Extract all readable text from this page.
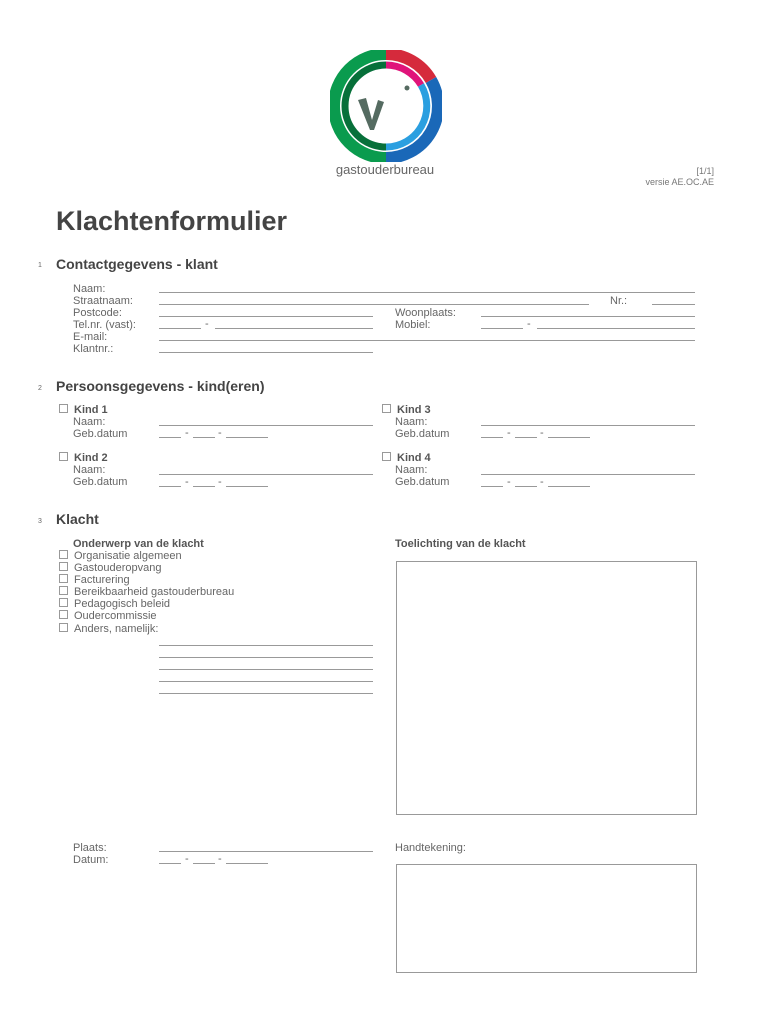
gastouderbureau	[1/1]
versie AE.OC.AE
Klachtenformulier
1 Contactgegevens - klant
Naam:
Straatnaam:	Nr.:
Postcode:	Woonplaats:
Tel.nr. (vast):	-	Mobiel:	-
E-mail:
Klantnr.:
2 Persoonsgegevens - kind(eren)
Kind 1
Naam:
Geb.datum	-	-
Kind 2
Naam:
Geb.datum	-	-
Kind 3
Naam:
Geb.datum	-	-
Kind 4
Naam:
Geb.datum	-	-
3 Klacht
Onderwerp van de klacht	Toelichting van de klacht
Organisatie algemeen
Gastouderopvang
Facturering
Bereikbaarheid gastouderbureau
Pedagogisch beleid
Oudercommissie
Anders, namelijk:
Plaats:
Datum:	-	-
Handtekening:
